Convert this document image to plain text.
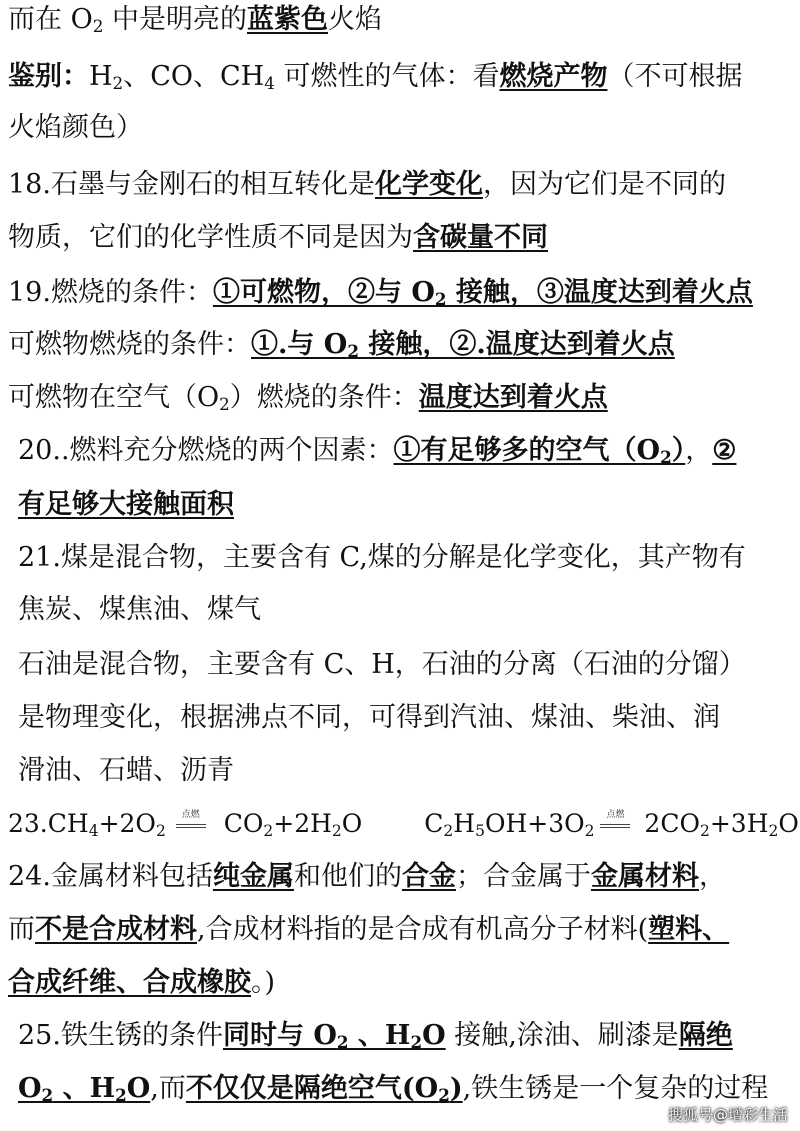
而在 $O_2$ 中是明亮的蓝紫色火焰
鉴别：$H_2$、CO、$CH_4$ 可燃性的气体：看燃烧产物（不可根据
火焰颜色）
18.石墨与金刚石的相互转化是化学变化，因为它们是不同的
物质，它们的化学性质不同是因为含碳量不同
19.燃烧的条件：①可燃物，②与 $O_2$ 接触，③温度达到着火点
可燃物燃烧的条件：①.与 $O_2$ 接触，②.温度达到着火点
可燃物在空气$(O_2)$燃烧的条件：温度达到着火点
20..燃料充分燃烧的两个因素：①有足够多的空气$(O_2)$，②
有足够大接触面积
21.煤是混合物，主要含有 C,煤的分解是化学变化，其产物有
焦炭、煤焦油、煤气
石油是混合物，主要含有 C、H，石油的分离（石油的分馏）
是物理变化，根据沸点不同，可得到汽油、煤油、柴油、润
滑油、石蜡、沥青
$23.CH_4+2O_2$
点燃 $CO_2+2H_2O$ $C_2H_5OH+3O_2$
点燃 $2CO_2+3H_2O$
24.金属材料包括纯金属和他们的合金；合金属于金属材料，
而不是合成材料,合成材料指的是合成有机高分子材料(塑料、
合成纤维、合成橡胶。)
25.铁生锈的条件同时与 $O_2$ 、$H_2O$ 接触,涂油、刷漆是隔绝
$O_2$ 、$H_2O$,而不仅仅是隔绝空气$(O_2)$,铁生锈是一个复杂的过程
搜狐号@增彩生活
